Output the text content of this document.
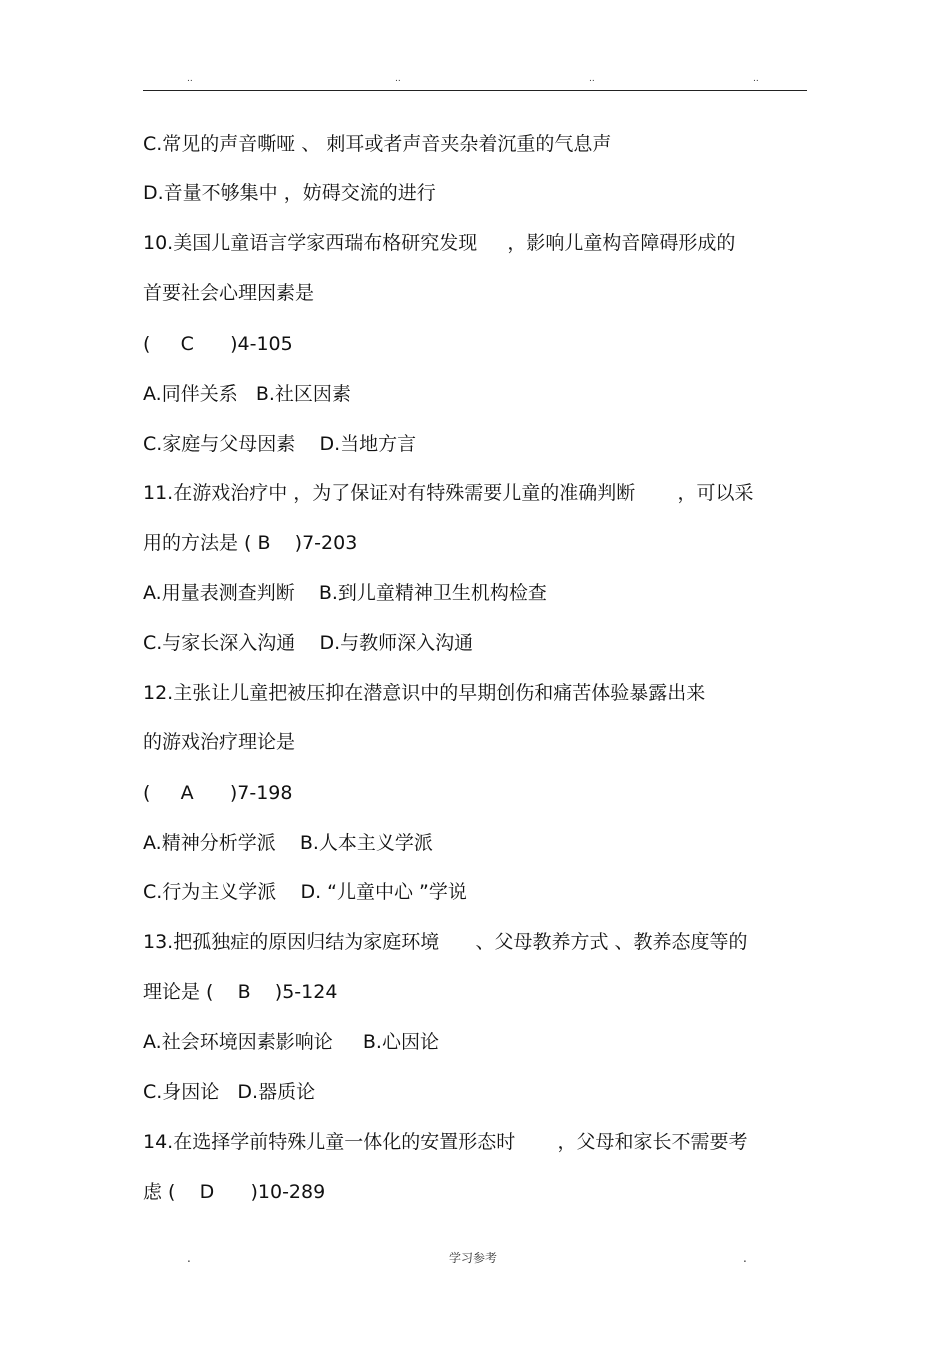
..	..	..	..
C.常见的声音嘶哑 、 刺耳或者声音夹杂着沉重的气息声
D.音量不够集中 ，妨碍交流的进行
10.美国儿童语言学家西瑞布格研究发现     ，影响儿童构音障碍形成的
首要社会心理因素是
(     C      )4-105
A.同伴关系   B.社区因素
C.家庭与父母因素    D.当地方言
11.在游戏治疗中 ，为了保证对有特殊需要儿童的准确判断       ，可以采
用的方法是 ( B    )7-203
A.用量表测查判断    B.到儿童精神卫生机构检查
C.与家长深入沟通    D.与教师深入沟通
12.主张让儿童把被压抑在潜意识中的早期创伤和痛苦体验暴露出来
的游戏治疗理论是
(     A      )7-198
A.精神分析学派    B.人本主义学派
C.行为主义学派    D. “儿童中心 ”学说
13.把孤独症的原因归结为家庭环境      、父母教养方式 、教养态度等的
理论是 (    B    )5-124
A.社会环境因素影响论     B.心因论
C.身因论   D.器质论
14.在选择学前特殊儿童一体化的安置形态时       ，父母和家长不需要考
虑 (    D      )10-289
.	学习参考	.
